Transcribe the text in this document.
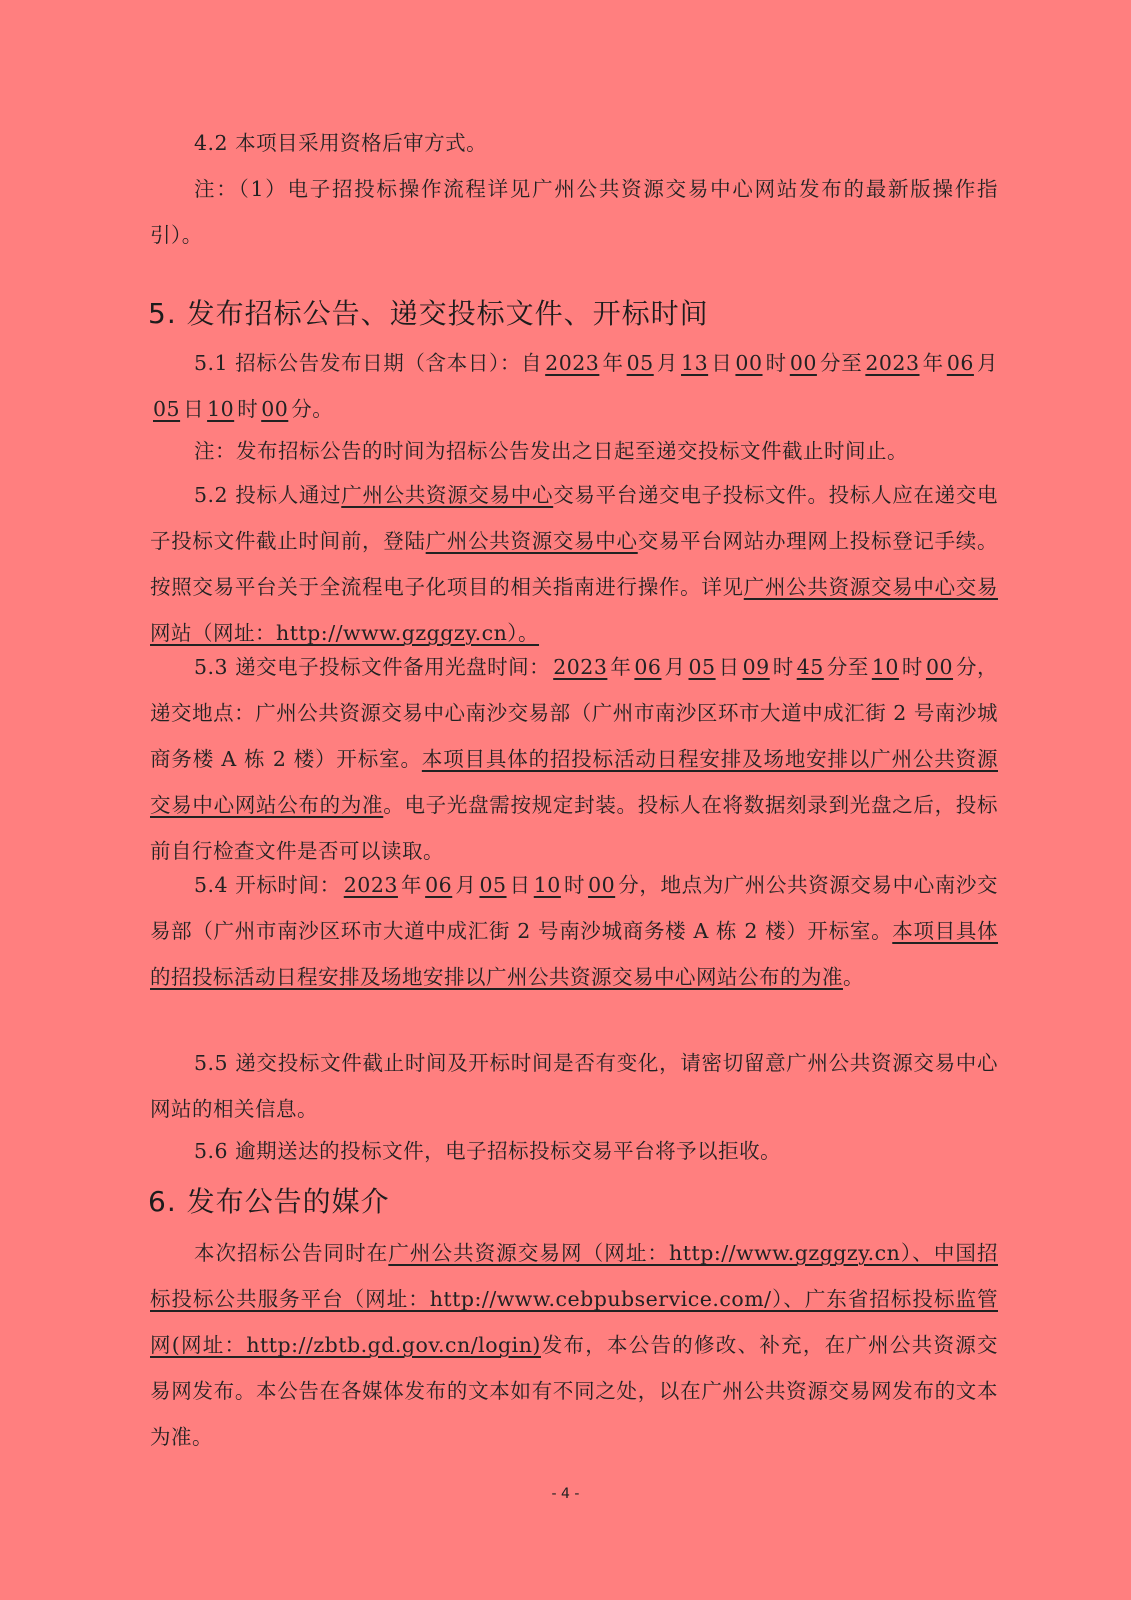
4.2 本项目采用资格后审方式。
注：（1）电子招投标操作流程详见广州公共资源交易中心网站发布的最新版操作指引）。
5. 发布招标公告、递交投标文件、开标时间
5.1 招标公告发布日期（含本日）：自 2023 年 05 月 13 日 00 时 00 分至 2023 年 06 月05 日 10 时 00 分。
注：发布招标公告的时间为招标公告发出之日起至递交投标文件截止时间止。
5.2 投标人通过广州公共资源交易中心交易平台递交电子投标文件。投标人应在递交电子投标文件截止时间前，登陆广州公共资源交易中心交易平台网站办理网上投标登记手续。按照交易平台关于全流程电子化项目的相关指南进行操作。详见广州公共资源交易中心交易网站（网址：http://www.gzggzy.cn）。
5.3 递交电子投标文件备用光盘时间： 2023 年 06 月 05 日 09 时 45 分至 10 时 00 分，递交地点：广州公共资源交易中心南沙交易部（广州市南沙区环市大道中成汇街 2 号南沙城商务楼 A 栋 2 楼）开标室。本项目具体的招投标活动日程安排及场地安排以广州公共资源交易中心网站公布的为准。电子光盘需按规定封装。投标人在将数据刻录到光盘之后，投标前自行检查文件是否可以读取。
5.4 开标时间： 2023 年 06 月 05 日 10 时 00 分，地点为广州公共资源交易中心南沙交易部（广州市南沙区环市大道中成汇街 2 号南沙城商务楼 A 栋 2 楼）开标室。本项目具体的招投标活动日程安排及场地安排以广州公共资源交易中心网站公布的为准。
5.5 递交投标文件截止时间及开标时间是否有变化，请密切留意广州公共资源交易中心网站的相关信息。
5.6 逾期送达的投标文件，电子招标投标交易平台将予以拒收。
6. 发布公告的媒介
本次招标公告同时在广州公共资源交易网（网址：http://www.gzggzy.cn）、中国招标投标公共服务平台（网址：http://www.cebpubservice.com/）、广东省招标投标监管网(网址：http://zbtb.gd.gov.cn/login)发布，本公告的修改、补充，在广州公共资源交易网发布。本公告在各媒体发布的文本如有不同之处，以在广州公共资源交易网发布的文本为准。
- 4 -
